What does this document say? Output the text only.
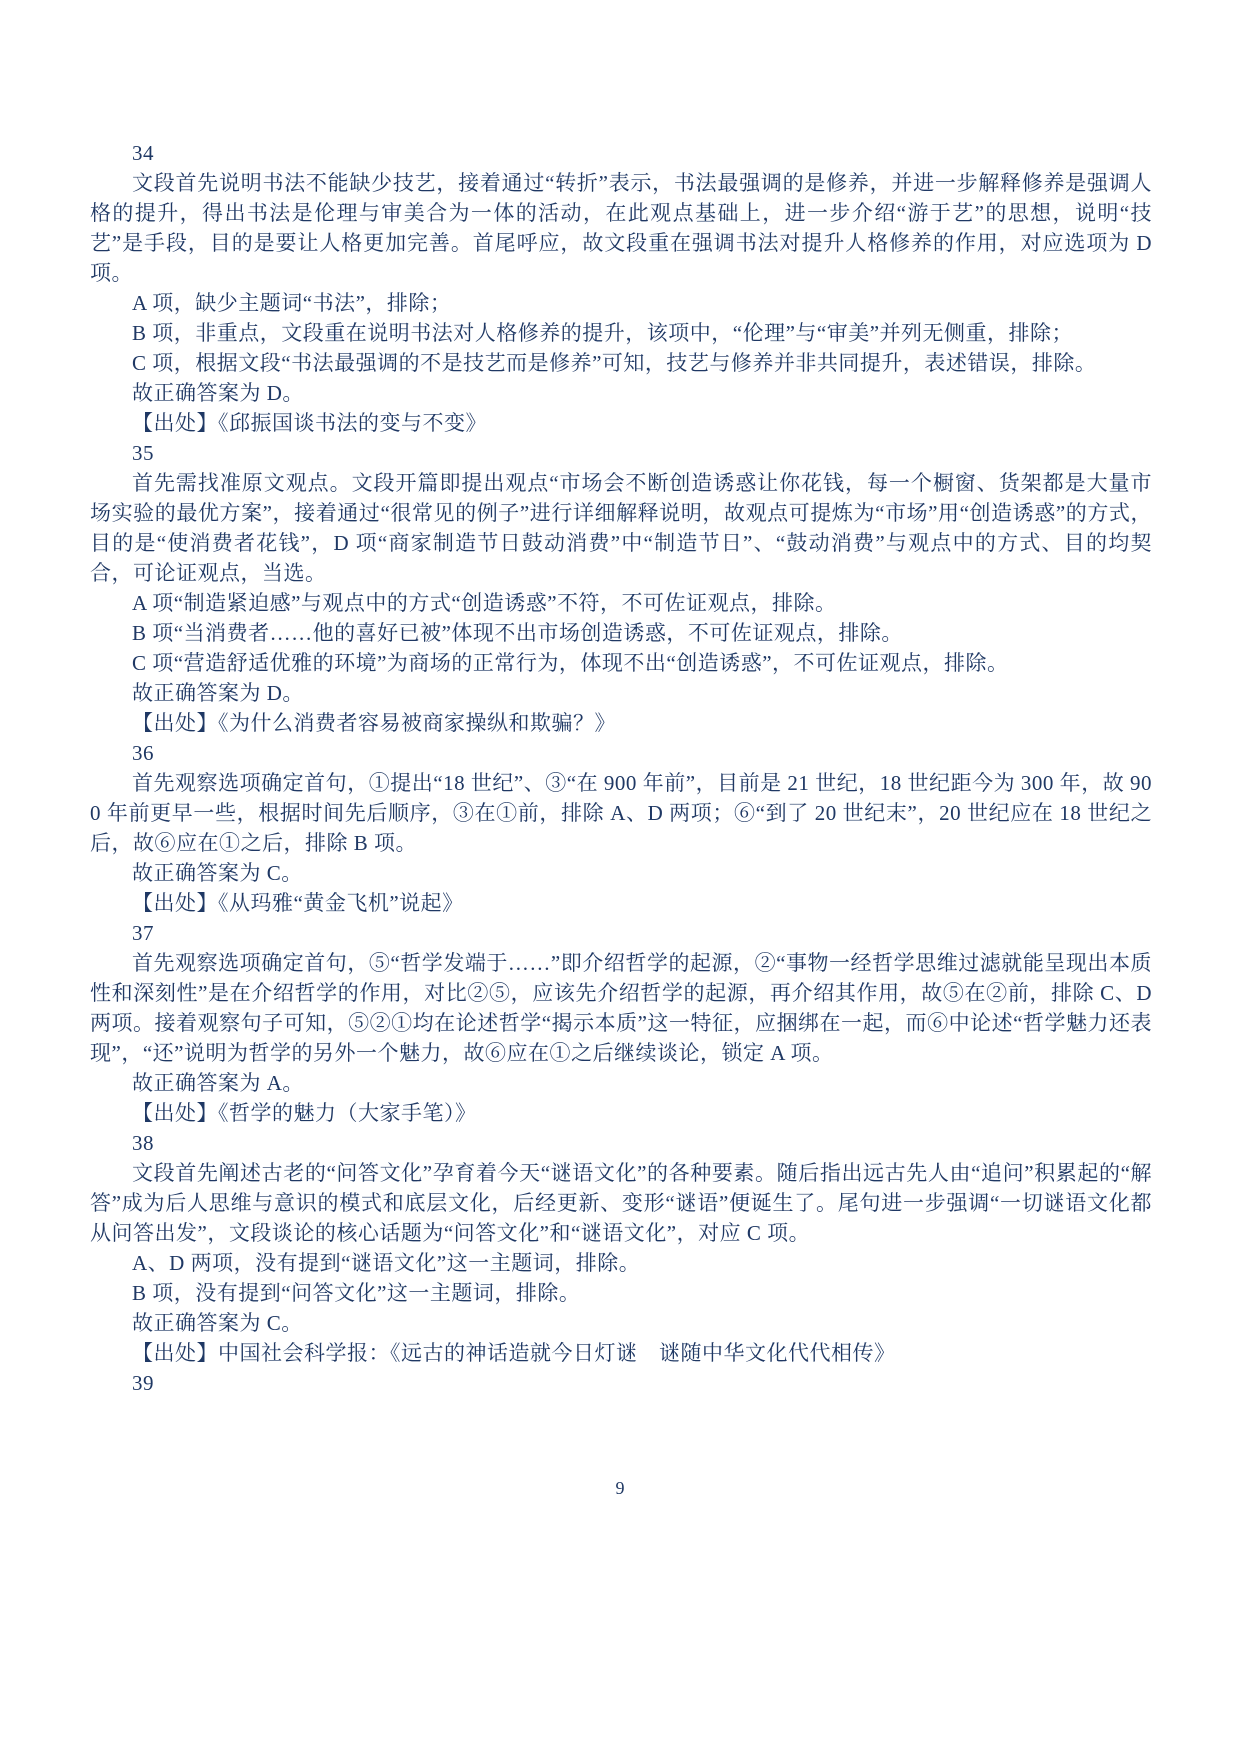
34

文段首先说明书法不能缺少技艺，接着通过“转折”表示，书法最强调的是修养，并进一步解释修养是强调人格的提升，得出书法是伦理与审美合为一体的活动，在此观点基础上，进一步介绍“游于艺”的思想，说明“技艺”是手段，目的是要让人格更加完善。首尾呼应，故文段重在强调书法对提升人格修养的作用，对应选项为 D 项。

A 项，缺少主题词“书法”，排除；

B 项，非重点，文段重在说明书法对人格修养的提升，该项中，“伦理”与“审美”并列无侧重，排除；

C 项，根据文段“书法最强调的不是技艺而是修养”可知，技艺与修养并非共同提升，表述错误，排除。

故正确答案为 D。

【出处】《邱振国谈书法的变与不变》

35

首先需找准原文观点。文段开篇即提出观点“市场会不断创造诱惑让你花钱，每一个橱窗、货架都是大量市场实验的最优方案”，接着通过“很常见的例子”进行详细解释说明，故观点可提炼为“市场”用“创造诱惑”的方式，目的是“使消费者花钱”，D 项“商家制造节日鼓动消费”中“制造节日”、“鼓动消费”与观点中的方式、目的均契合，可论证观点，当选。

A 项“制造紧迫感”与观点中的方式“创造诱惑”不符，不可佐证观点，排除。

B 项“当消费者……他的喜好已被”体现不出市场创造诱惑，不可佐证观点，排除。

C 项“营造舒适优雅的环境”为商场的正常行为，体现不出“创造诱惑”，不可佐证观点，排除。

故正确答案为 D。

【出处】《为什么消费者容易被商家操纵和欺骗？》

36

首先观察选项确定首句，①提出“18 世纪”、③“在 900 年前”，目前是 21 世纪，18 世纪距今为 300 年，故 900 年前更早一些，根据时间先后顺序，③在①前，排除 A、D 两项；⑥“到了 20 世纪末”，20 世纪应在 18 世纪之后，故⑥应在①之后，排除 B 项。

故正确答案为 C。

【出处】《从玛雅“黄金飞机”说起》

37

首先观察选项确定首句，⑤“哲学发端于……”即介绍哲学的起源，②“事物一经哲学思维过滤就能呈现出本质性和深刻性”是在介绍哲学的作用，对比②⑤，应该先介绍哲学的起源，再介绍其作用，故⑤在②前，排除 C、D 两项。接着观察句子可知，⑤②①均在论述哲学“揭示本质”这一特征，应捆绑在一起，而⑥中论述“哲学魅力还表现”，“还”说明为哲学的另外一个魅力，故⑥应在①之后继续谈论，锁定 A 项。

故正确答案为 A。

【出处】《哲学的魅力（大家手笔）》

38

文段首先阐述古老的“问答文化”孕育着今天“谜语文化”的各种要素。随后指出远古先人由“追问”积累起的“解答”成为后人思维与意识的模式和底层文化，后经更新、变形“谜语”便诞生了。尾句进一步强调“一切谜语文化都从问答出发”，文段谈论的核心话题为“问答文化”和“谜语文化”，对应 C 项。

A、D 两项，没有提到“谜语文化”这一主题词，排除。

B 项，没有提到“问答文化”这一主题词，排除。

故正确答案为 C。

【出处】中国社会科学报：《远古的神话造就今日灯谜　谜随中华文化代代相传》

39

9
